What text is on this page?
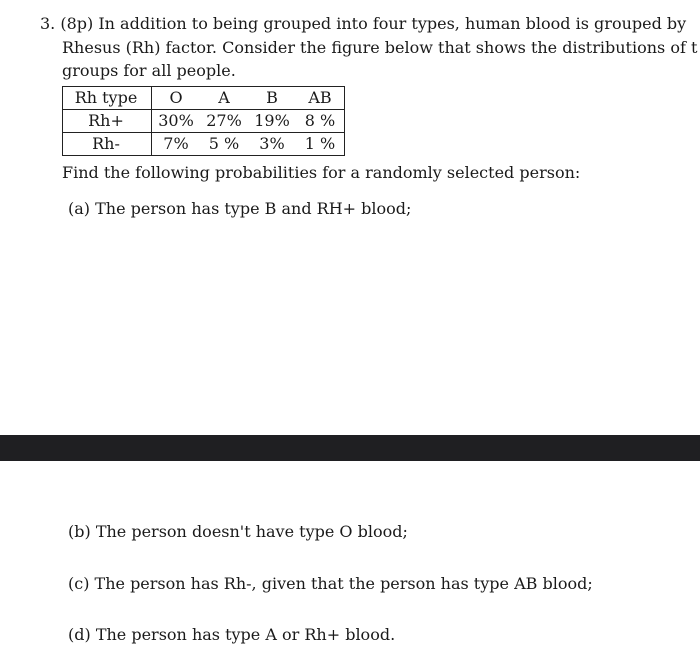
3. (8p) In addition to being grouped into four types, human blood is grouped by
Rhesus (Rh) factor. Consider the figure below that shows the distributions of t
groups for all people.
Rh type	O	A	B	AB
Rh+	30%	27%	19%	8 %
Rh-	7%	5 %	3%	1 %
Find the following probabilities for a randomly selected person:
(a) The person has type B and RH+ blood;
(b) The person doesn't have type O blood;
(c) The person has Rh-, given that the person has type AB blood;
(d) The person has type A or Rh+ blood.
